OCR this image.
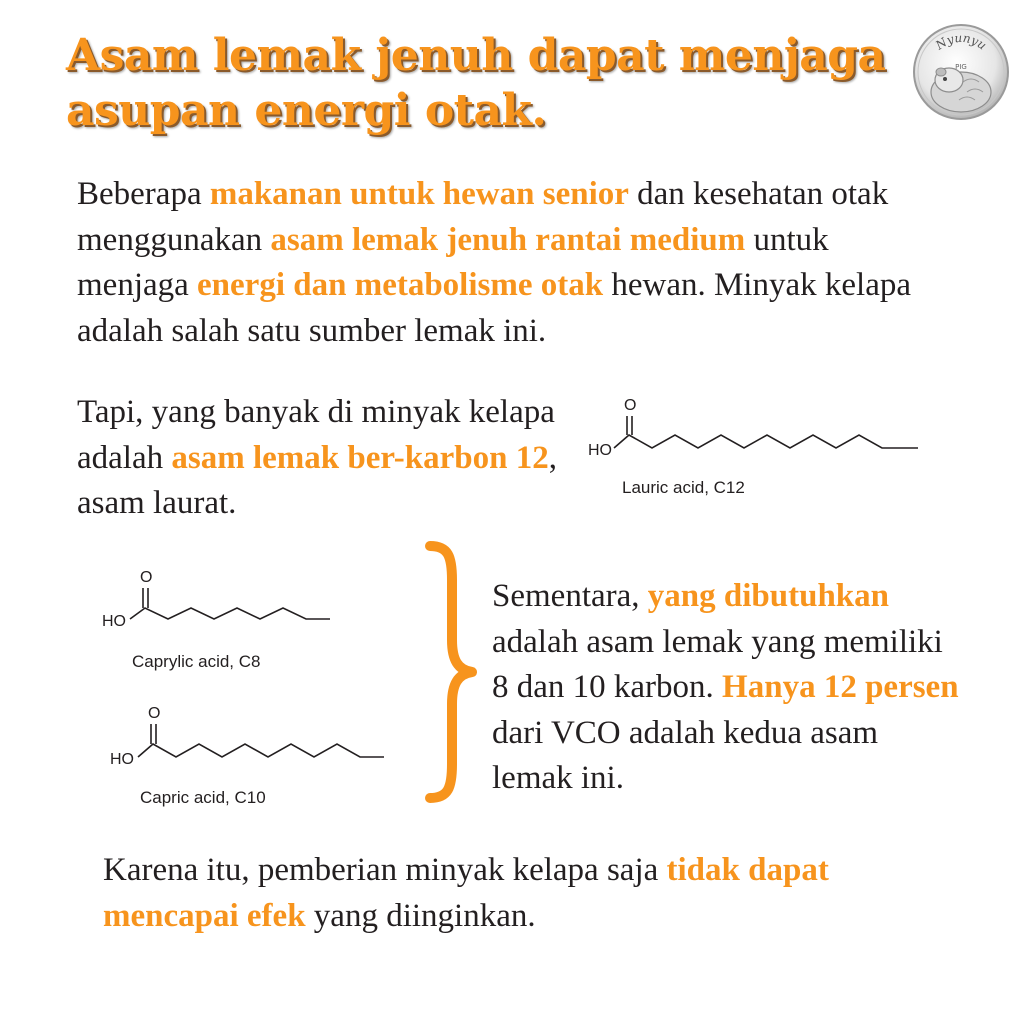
Asam lemak jenuh dapat menjaga asupan energi otak.
Nyunyu
PIG

Beberapa makanan untuk hewan senior dan kesehatan otak menggunakan asam lemak jenuh rantai medium untuk menjaga energi dan metabolisme otak hewan. Minyak kelapa adalah salah satu sumber lemak ini.

Tapi, yang banyak di minyak kelapa adalah asam lemak ber-karbon 12, asam laurat.

O
HO
Lauric acid, C12
O
HO
Caprylic acid, C8
O
HO
Capric acid, C10

Sementara, yang dibutuhkan adalah asam lemak yang memiliki 8 dan 10 karbon. Hanya 12 persen dari VCO adalah kedua asam lemak ini.

Karena itu, pemberian minyak kelapa saja tidak dapat mencapai efek yang diinginkan.
